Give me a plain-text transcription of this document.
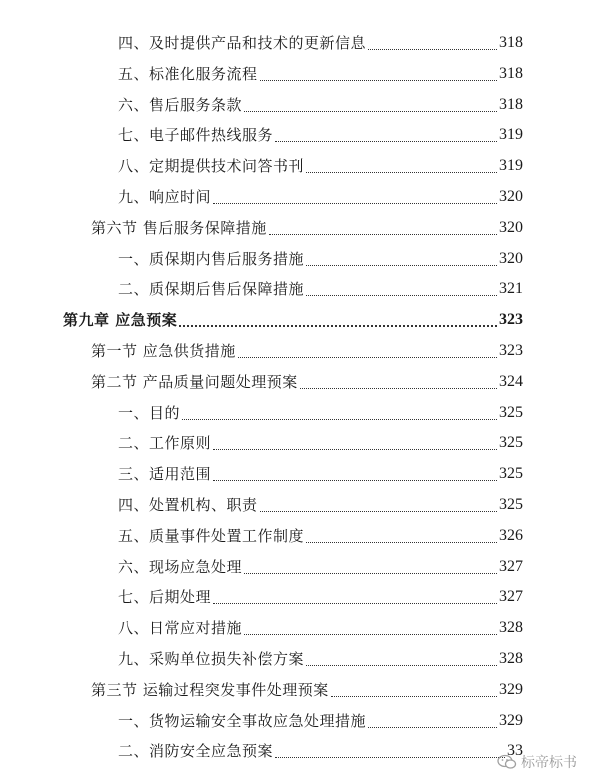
四、及时提供产品和技术的更新信息	318
五、标准化服务流程	318
六、售后服务条款	318
七、电子邮件热线服务	319
八、定期提供技术问答书刊	319
九、响应时间	320
第六节 售后服务保障措施	320
一、质保期内售后服务措施	320
二、质保期后售后保障措施	321
第九章 应急预案	323
第一节 应急供货措施	323
第二节 产品质量问题处理预案	324
一、目的	325
二、工作原则	325
三、适用范围	325
四、处置机构、职责	325
五、质量事件处置工作制度	326
六、现场应急处理	327
七、后期处理	327
八、日常应对措施	328
九、采购单位损失补偿方案	328
第三节 运输过程突发事件处理预案	329
一、货物运输安全事故应急处理措施	329
二、消防安全应急预案	33
标帝标书
